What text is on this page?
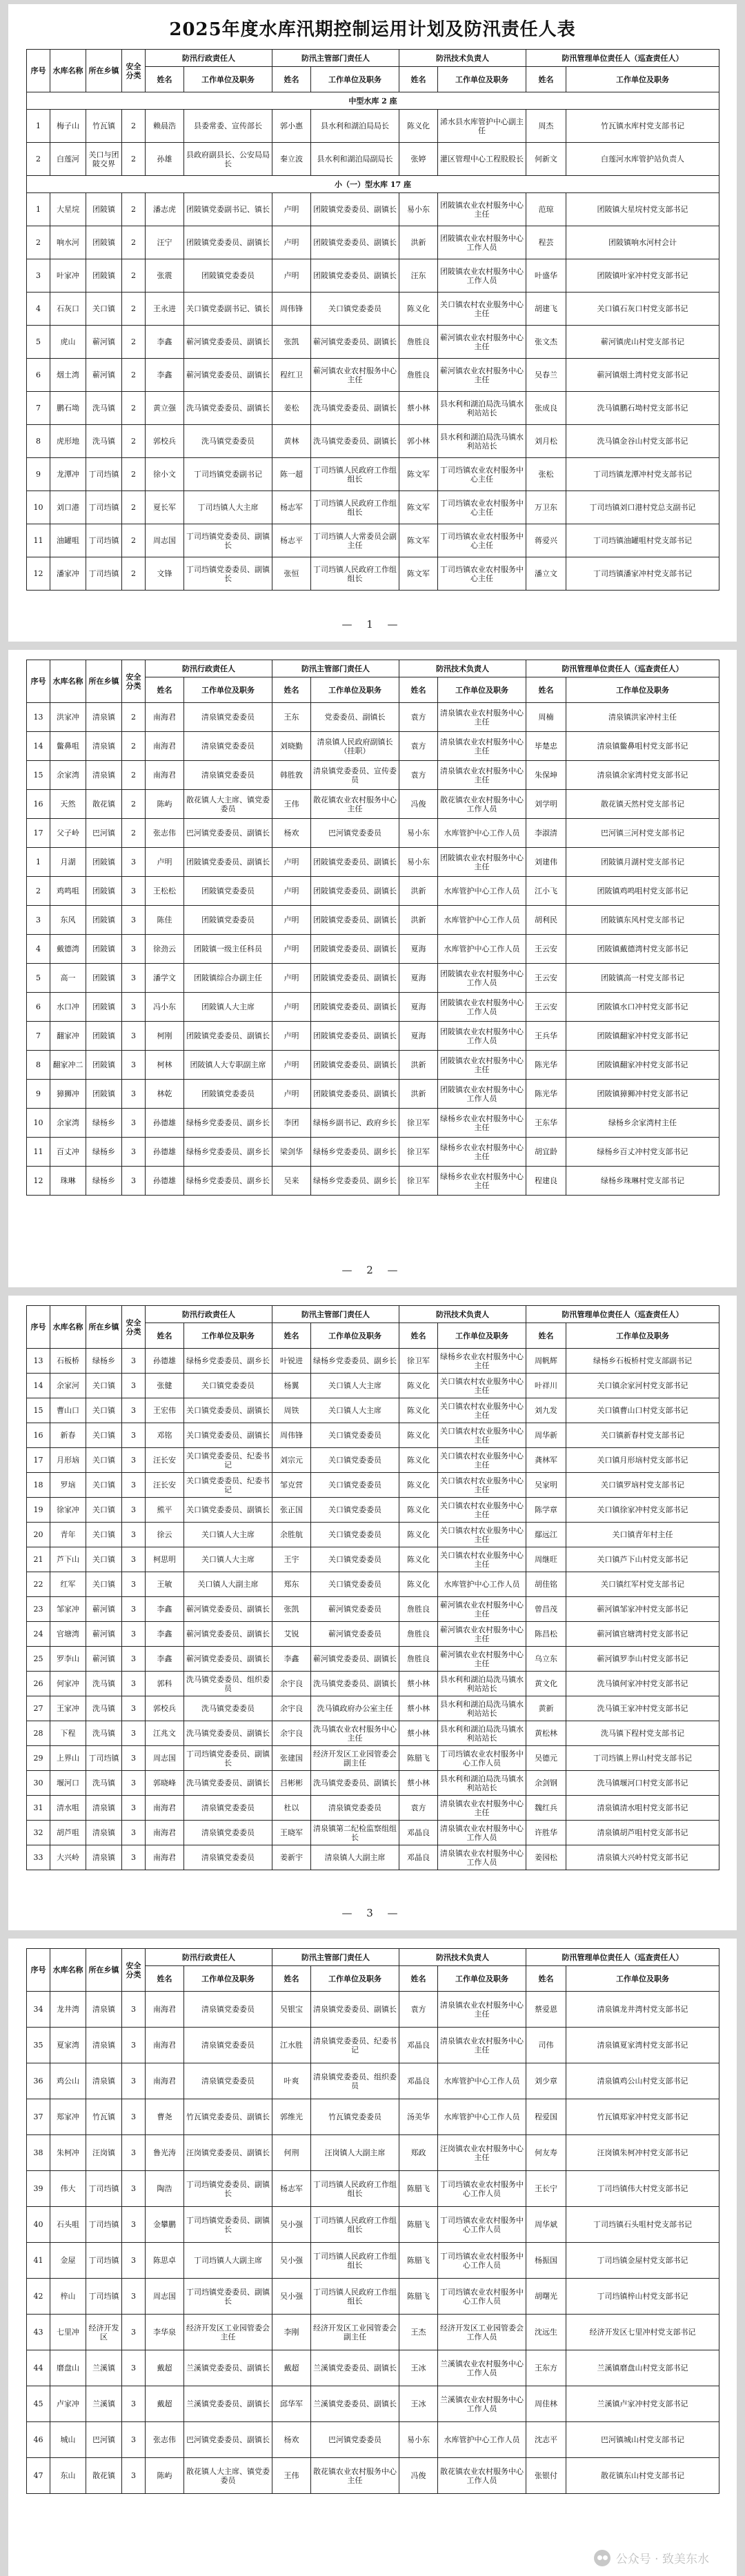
2025年度水库汛期控制运用计划及防汛责任人表
序号	水库名称	所在乡镇	安全分类	防汛行政责任人		防汛主管部门责任人		防汛技术负责人		防汛管理单位责任人（巡查责任人）	
				姓名	工作单位及职务	姓名	工作单位及职务	姓名	工作单位及职务	姓名	工作单位及职务
中型水库 2 座											
1	梅子山	竹瓦镇	2	赖晨浩	县委常委、宣传部长	郭小惠	县水利和湖泊局局长	陈义化	浠水县水库管护中心副主任	周杰	竹瓦镇水库村党支部书记
2	白莲河	关口与团陂交界	2	孙雄	县政府副县长、公安局局长	秦立波	县水利和湖泊局副局长	张婷	灌区管理中心工程股股长	何新文	白莲河水库管护站负责人
小（一）型水库 17 座											
1	大星垸	团陂镇	2	潘志虎	团陂镇党委副书记、镇长	卢明	团陂镇党委委员、副镇长	易小东	团陂镇农业农村服务中心主任	范琼	团陂镇大星垸村党支部书记
2	响水河	团陂镇	2	汪宁	团陂镇党委委员、副镇长	卢明	团陂镇党委委员、副镇长	洪新	团陂镇农业农村服务中心工作人员	程芸	团陂镇响水河村会计
3	叶家冲	团陂镇	2	张震	团陂镇党委委员	卢明	团陂镇党委委员、副镇长	汪东	团陂镇农业农村服务中心工作人员	叶盛华	团陂镇叶家冲村党支部书记
4	石灰口	关口镇	2	王永进	关口镇党委副书记、镇长	周伟锋	关口镇党委委员	陈义化	关口镇农村农业服务中心主任	胡建飞	关口镇石灰口村党支部书记
5	虎山	蕲河镇	2	李鑫	蕲河镇党委委员、副镇长	张凯	蕲河镇党委委员、副镇长	詹胜良	蕲河镇农业农村服务中心主任	张文杰	蕲河镇虎山村党支部书记
6	烟土湾	蕲河镇	2	李鑫	蕲河镇党委委员、副镇长	程红卫	蕲河镇农业农村服务中心主任	詹胜良	蕲河镇农业农村服务中心主任	吴春兰	蕲河镇烟土湾村党支部书记
7	鹏石坳	洗马镇	2	黄立强	洗马镇党委委员、副镇长	姜松	洗马镇党委委员、副镇长	蔡小林	县水利和湖泊局洗马镇水利站站长	张成良	洗马镇鹏石坳村党支部书记
8	虎形地	洗马镇	2	郭校兵	洗马镇党委委员	黄林	洗马镇党委委员、副镇长	郭小林	县水利和湖泊局洗马镇水利站站长	刘月松	洗马镇金谷山村党支部书记
9	龙潭冲	丁司垱镇	2	徐小文	丁司垱镇党委副书记	陈一超	丁司垱镇人民政府工作组组长	陈文军	丁司垱镇农业农村服务中心主任	张松	丁司垱镇龙潭冲村党支部书记
10	刘口港	丁司垱镇	2	夏长军	丁司垱镇人大主席	杨志军	丁司垱镇人民政府工作组组长	陈文军	丁司垱镇农业农村服务中心主任	万卫东	丁司垱镇刘口港村党总支副书记
11	油罐咀	丁司垱镇	2	周志国	丁司垱镇党委委员、副镇长	杨志平	丁司垱镇人大常委员会副主任	陈文军	丁司垱镇农业农村服务中心主任	蒋爱兴	丁司垱镇油罐咀村党支部书记
12	潘家冲	丁司垱镇	2	文锋	丁司垱镇党委委员、副镇长	张恒	丁司垱镇人民政府工作组组长	陈文军	丁司垱镇农业农村服务中心主任	潘立文	丁司垱镇潘家冲村党支部书记
— 1 —
序号	水库名称	所在乡镇	安全分类	防汛行政责任人		防汛主管部门责任人		防汛技术负责人		防汛管理单位责任人（巡查责任人）	
				姓名	工作单位及职务	姓名	工作单位及职务	姓名	工作单位及职务	姓名	工作单位及职务
13	洪家冲	清泉镇	2	南海君	清泉镇党委委员	王东	党委委员、副镇长	袁方	清泉镇农业农村服务中心主任	周楠	清泉镇洪家冲村主任
14	鳖鼻咀	清泉镇	2	南海君	清泉镇党委委员	刘晓勤	清泉镇人民政府副镇长（挂职）	袁方	清泉镇农业农村服务中心主任	毕楚忠	清泉镇鳖鼻咀村党支部书记
15	余家湾	清泉镇	2	南海君	清泉镇党委委员	韩胜敦	清泉镇党委委员、宣传委员	袁方	清泉镇农业农村服务中心主任	朱保坤	清泉镇余家湾村党支部书记
16	天然	散花镇	2	陈屿	散花镇人大主席、镇党委委员	王伟	散花镇农业农村服务中心主任	冯俊	散花镇农业农村服务中心工作人员	刘学明	散花镇天然村党支部书记
17	父子岭	巴河镇	2	张志伟	巴河镇党委委员、副镇长	杨欢	巴河镇党委委员	易小东	水库管护中心工作人员	李淑清	巴河镇三河村党支部书记
1	月湖	团陂镇	3	卢明	团陂镇党委委员、副镇长	卢明	团陂镇党委委员、副镇长	易小东	团陂镇农业农村服务中心主任	刘建伟	团陂镇月湖村党支部书记
2	鸡鸣咀	团陂镇	3	王松松	团陂镇党委委员	卢明	团陂镇党委委员、副镇长	洪新	水库管护中心工作人员	江小飞	团陂镇鸡鸣咀村党支部书记
3	东风	团陂镇	3	陈佳	团陂镇党委委员	卢明	团陂镇党委委员、副镇长	洪新	水库管护中心工作人员	胡利民	团陂镇东风村党支部书记
4	戴德湾	团陂镇	3	徐劲云	团陂镇一级主任科员	卢明	团陂镇党委委员、副镇长	夏海	水库管护中心工作人员	王云安	团陂镇戴德湾村党支部书记
5	高一	团陂镇	3	潘学文	团陂镇综合办副主任	卢明	团陂镇党委委员、副镇长	夏海	团陂镇农业农村服务中心工作人员	王云安	团陂镇高一村党支部书记
6	水口冲	团陂镇	3	冯小东	团陂镇人大主席	卢明	团陂镇党委委员、副镇长	夏海	团陂镇农业农村服务中心工作人员	王云安	团陂镇水口冲村党支部书记
7	翻家冲	团陂镇	3	柯刚	团陂镇党委委员、副镇长	卢明	团陂镇党委委员、副镇长	夏海	团陂镇农业农村服务中心工作人员	王兵华	团陂镇翻家冲村党支部书记
8	翻家冲二	团陂镇	3	柯林	团陂镇人大专职副主席	卢明	团陂镇党委委员、副镇长	洪新	团陂镇农业农村服务中心主任	陈光华	团陂镇翻家冲村党支部书记
9	獐狮冲	团陂镇	3	林乾	团陂镇党委委员	卢明	团陂镇党委委员、副镇长	洪新	团陂镇农业农村服务中心工作人员	陈光华	团陂镇獐狮冲村党支部书记
10	余家湾	绿杨乡	3	孙德雄	绿杨乡党委委员、副乡长	李团	绿杨乡副书记、政府乡长	徐卫军	绿杨乡农业农村服务中心主任	王东华	绿杨乡余家湾村主任
11	百丈冲	绿杨乡	3	孙德雄	绿杨乡党委委员、副乡长	梁剑华	绿杨乡党委委员、副乡长	徐卫军	绿杨乡农业农村服务中心主任	胡宜龄	绿杨乡百丈冲村党支部书记
12	珠琳	绿杨乡	3	孙德雄	绿杨乡党委委员、副乡长	吴来	绿杨乡党委委员、副乡长	徐卫军	绿杨乡农业农村服务中心主任	程建良	绿杨乡珠琳村党支部书记
— 2 —
序号	水库名称	所在乡镇	安全分类	防汛行政责任人		防汛主管部门责任人		防汛技术负责人		防汛管理单位责任人（巡查责任人）	
				姓名	工作单位及职务	姓名	工作单位及职务	姓名	工作单位及职务	姓名	工作单位及职务
13	石板桥	绿杨乡	3	孙德雄	绿杨乡党委委员、副乡长	叶锐进	绿杨乡党委委员、副乡长	徐卫军	绿杨乡农业农村服务中心主任	周帆辉	绿杨乡石板桥村党支部副书记
14	余家河	关口镇	3	张健	关口镇党委委员	杨翼	关口镇人大主席	陈义化	关口镇农村农业服务中心主任	叶祥川	关口镇余家河村党支部书记
15	曹山口	关口镇	3	王宏伟	关口镇党委委员、副镇长	周铁	关口镇人大主席	陈义化	关口镇农村农业服务中心主任	刘九发	关口镇曹山口村党支部书记
16	新春	关口镇	3	邓铭	关口镇党委委员、副镇长	周伟锋	关口镇党委委员	陈义化	关口镇农村农业服务中心主任	周华新	关口镇新春村党支部书记
17	月形垴	关口镇	3	汪长安	关口镇党委委员、纪委书记	刘宗元	关口镇党委委员	陈义化	关口镇农村农业服务中心主任	龚林军	关口镇月形垴村党支部书记
18	罗垴	关口镇	3	汪长安	关口镇党委委员、纪委书记	邹克营	关口镇党委委员	陈义化	关口镇农村农业服务中心主任	吴家明	关口镇罗垴村党支部书记
19	徐家冲	关口镇	3	熊平	关口镇党委委员、副镇长	张正国	关口镇党委委员	陈义化	关口镇农村农业服务中心主任	陈学章	关口镇徐家冲村党支部书记
20	青年	关口镇	3	徐云	关口镇人大主席	余胜航	关口镇党委委员	陈义化	关口镇农村农业服务中心主任	鄢远江	关口镇青年村主任
21	芦下山	关口镇	3	柯思明	关口镇人大主席	王宇	关口镇党委委员	陈义化	关口镇农村农业服务中心主任	周继旺	关口镇芦下山村党支部书记
22	红军	关口镇	3	王敏	关口镇人大副主席	郑东	关口镇党委委员	陈义化	水库管护中心工作人员	胡佳铭	关口镇红军村党支部书记
23	邹家冲	蕲河镇	3	李鑫	蕲河镇党委委员、副镇长	张凯	蕲河镇党委委员	詹胜良	蕲河镇农业农村服务中心主任	曾昌茂	蕲河镇邹家冲村党支部书记
24	官塘湾	蕲河镇	3	李鑫	蕲河镇党委委员、副镇长	艾锐	蕲河镇党委委员	詹胜良	蕲河镇农业农村服务中心主任	陈昌松	蕲河镇官塘湾村党支部书记
25	罗李山	蕲河镇	3	李鑫	蕲河镇党委委员、副镇长	李鑫	蕲河镇党委委员、副镇长	詹胜良	蕲河镇农业农村服务中心主任	乌立东	蕲河镇罗李山村党支部书记
26	何家冲	洗马镇	3	郭科	洗马镇党委委员、组织委员	余宇良	洗马镇党委委员、副镇长	蔡小林	县水利和湖泊局洗马镇水利站站长	黄文化	洗马镇何家冲村党支部书记
27	王家冲	洗马镇	3	郭校兵	洗马镇党委委员	余宇良	洗马镇政府办公室主任	蔡小林	县水利和湖泊局洗马镇水利站站长	黄新	洗马镇王家冲村党支部书记
28	下程	洗马镇	3	江兆文	洗马镇党委委员、副镇长	余宇良	洗马镇农业农村服务中心主任	蔡小林	县水利和湖泊局洗马镇水利站站长	黄松林	洗马镇下程村党支部书记
29	上界山	丁司垱镇	3	周志国	丁司垱镇党委委员、副镇长	张建国	经济开发区工业园管委会副主任	陈腊飞	丁司垱镇农业农村服务中心工作人员	吴德元	丁司垱镇上界山村党支部书记
30	堰河口	洗马镇	3	郭晓峰	洗马镇党委委员、副镇长	吕彬彬	洗马镇党委委员、副镇长	蔡小林	县水利和湖泊局洗马镇水利站站长	余剑钢	洗马镇堰河口村党支部书记
31	清水咀	清泉镇	3	南海君	清泉镇党委委员	杜以	清泉镇党委委员	袁方	清泉镇农业农村服务中心主任	魏红兵	清泉镇清水咀村党支部书记
32	胡芦咀	清泉镇	3	南海君	清泉镇党委委员	王晓军	清泉镇第二纪检监察组组长	邓晶良	清泉镇农业农村服务中心工作人员	许胜华	清泉镇胡芦咀村党支部书记
33	大兴岭	清泉镇	3	南海君	清泉镇党委委员	姜新宇	清泉镇人大副主席	邓晶良	清泉镇农业农村服务中心工作人员	姜园松	清泉镇大兴岭村党支部书记
— 3 —
序号	水库名称	所在乡镇	安全分类	防汛行政责任人		防汛主管部门责任人		防汛技术负责人		防汛管理单位责任人（巡查责任人）	
				姓名	工作单位及职务	姓名	工作单位及职务	姓名	工作单位及职务	姓名	工作单位及职务
34	龙井湾	清泉镇	3	南海君	清泉镇党委委员	吴银宝	清泉镇党委委员、副镇长	袁方	清泉镇农业农村服务中心主任	蔡爱恩	清泉镇龙井湾村党支部书记
35	夏家湾	清泉镇	3	南海君	清泉镇党委委员	江水胜	清泉镇党委委员、纪委书记	邓晶良	清泉镇农业农村服务中心主任	司伟	清泉镇夏家湾村党支部书记
36	鸡公山	清泉镇	3	南海君	清泉镇党委委员	叶爽	清泉镇党委委员、组织委员	邓晶良	水库管护中心工作人员	刘少章	清泉镇鸡公山村党支部书记
37	郑家冲	竹瓦镇	3	曹尧	竹瓦镇党委委员、副镇长	郭维光	竹瓦镇党委委员	汤美华	水库管护中心工作人员	程爱国	竹瓦镇郑家冲村党支部书记
38	朱柯冲	汪岗镇	3	鲁光涛	汪岗镇党委委员、副镇长	何荆	汪岗镇人大副主席	郑政	汪岗镇农业农村服务中心主任	何友寿	汪岗镇朱柯冲村党支部书记
39	伟大	丁司垱镇	3	陶浩	丁司垱镇党委委员、副镇长	杨志军	丁司垱镇人民政府工作组组长	陈腊飞	丁司垱镇农业农村服务中心工作人员	王长宁	丁司垱镇伟大村党支部书记
40	石头咀	丁司垱镇	3	金攀鹏	丁司垱镇党委委员、副镇长	吴小强	丁司垱镇人民政府工作组组长	陈腊飞	丁司垱镇农业农村服务中心工作人员	周华斌	丁司垱镇石头咀村党支部书记
41	金屋	丁司垱镇	3	陈思卓	丁司垱镇人大副主席	吴小强	丁司垱镇人民政府工作组组长	陈腊飞	丁司垱镇农业农村服务中心工作人员	杨振国	丁司垱镇金屋村党支部书记
42	梓山	丁司垱镇	3	周志国	丁司垱镇党委委员、副镇长	吴小强	丁司垱镇人民政府工作组组长	陈腊飞	丁司垱镇农业农村服务中心工作人员	胡曙光	丁司垱镇梓山村党支部书记
43	七里冲	经济开发区	3	李华泉	经济开发区工业园管委会主任	李刚	经济开发区工业园管委会副主任	王杰	经济开发区工业园管委会工作人员	沈远生	经济开发区七里冲村党支部书记
44	磨盘山	兰溪镇	3	戴超	兰溪镇党委委员、副镇长	戴超	兰溪镇党委委员、副镇长	王冰	兰溪镇农业农村服务中心工作人员	王东方	兰溪镇磨盘山村党支部书记
45	卢家冲	兰溪镇	3	戴超	兰溪镇党委委员、副镇长	邱华军	兰溪镇党委委员、副镇长	王冰	兰溪镇农业农村服务中心工作人员	周佳林	兰溪镇卢家冲村党支部书记
46	城山	巴河镇	3	张志伟	巴河镇党委委员、副镇长	杨欢	巴河镇党委委员	易小东	水库管护中心工作人员	沈志平	巴河镇城山村党支部书记
47	东山	散花镇	3	陈屿	散花镇人大主席、镇党委委员	王伟	散花镇农业农村服务中心主任	冯俊	散花镇农业农村服务中心工作人员	张银付	散花镇东山村党支部书记
公众号 · 致美东水
